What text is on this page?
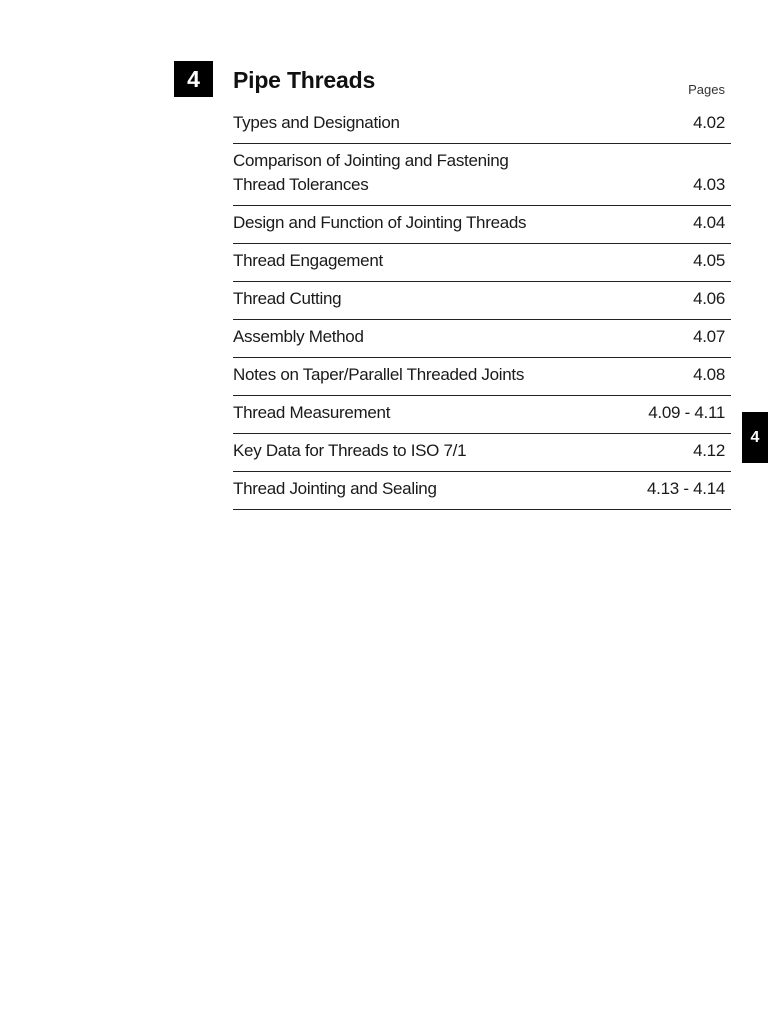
4	Pipe Threads	Pages
Types and Designation	4.02
Comparison of Jointing and Fastening
Thread Tolerances	4.03
Design and Function of Jointing Threads	4.04
Thread Engagement	4.05
Thread Cutting	4.06
Assembly Method	4.07
Notes on Taper/Parallel Threaded Joints	4.08
Thread Measurement	4.09 - 4.11
Key Data for Threads to ISO 7/1	4.12
Thread Jointing and Sealing	4.13 - 4.14
4
